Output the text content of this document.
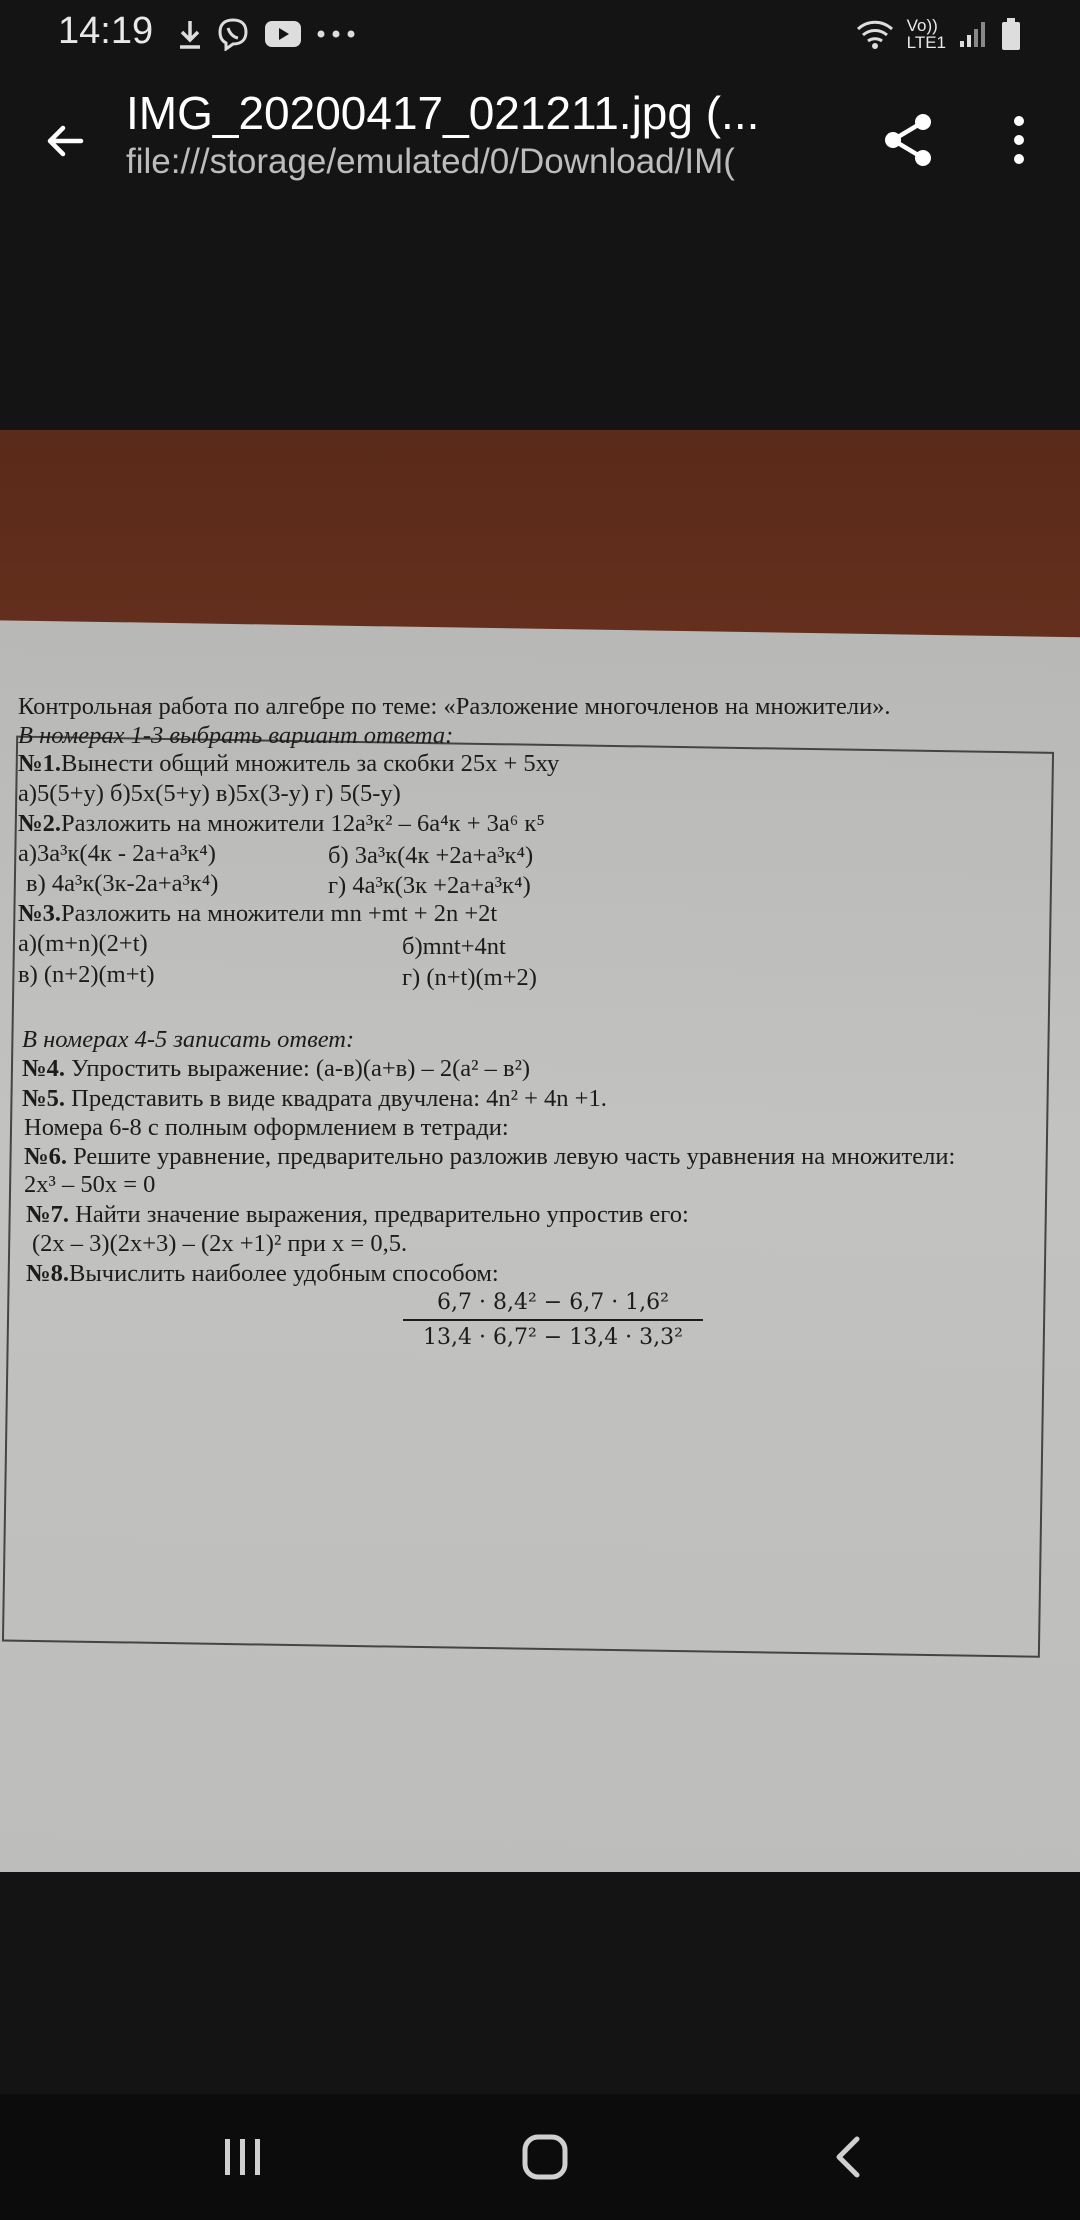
14:19	Vo))
LTE1
IMG_20200417_021211.jpg (...
file:///storage/emulated/0/Download/IM(
Контрольная работа по алгебре по теме: «Разложение многочленов на множители».
В номерах 1-3 выбрать вариант ответа:
№1.Вынести общий множитель за скобки 25х + 5ху
а)5(5+у) б)5х(5+у) в)5х(3-у) г) 5(5-у)
№2.Разложить на множители 12а³к² – 6а⁴к + 3а⁶ к⁵
а)3а³к(4к - 2а+а³к⁴)	б) 3а³к(4к +2а+а³к⁴)
в) 4а³к(3к-2а+а³к⁴)	г) 4а³к(3к +2а+а³к⁴)
№3.Разложить на множители mn +mt + 2n +2t
а)(m+n)(2+t)	б)mnt+4nt
в) (n+2)(m+t)	г) (n+t)(m+2)
В номерах 4-5 записать ответ:
№4. Упростить выражение: (а-в)(а+в) – 2(а² – в²)
№5. Представить в виде квадрата двучлена: 4n² + 4n +1.
Номера 6-8 с полным оформлением в тетради:
№6. Решите уравнение, предварительно разложив левую часть уравнения на множители:
2х³ – 50х = 0
№7. Найти значение выражения, предварительно упростив его:
(2х – 3)(2х+3) – (2х +1)² при х = 0,5.
№8.Вычислить наиболее удобным способом:
$\frac{\text{6,7 · 8,4² − 6,7 · 1,6²}}{\text{13,4 · 6,7² − 13,4 · 3,3²}}$
